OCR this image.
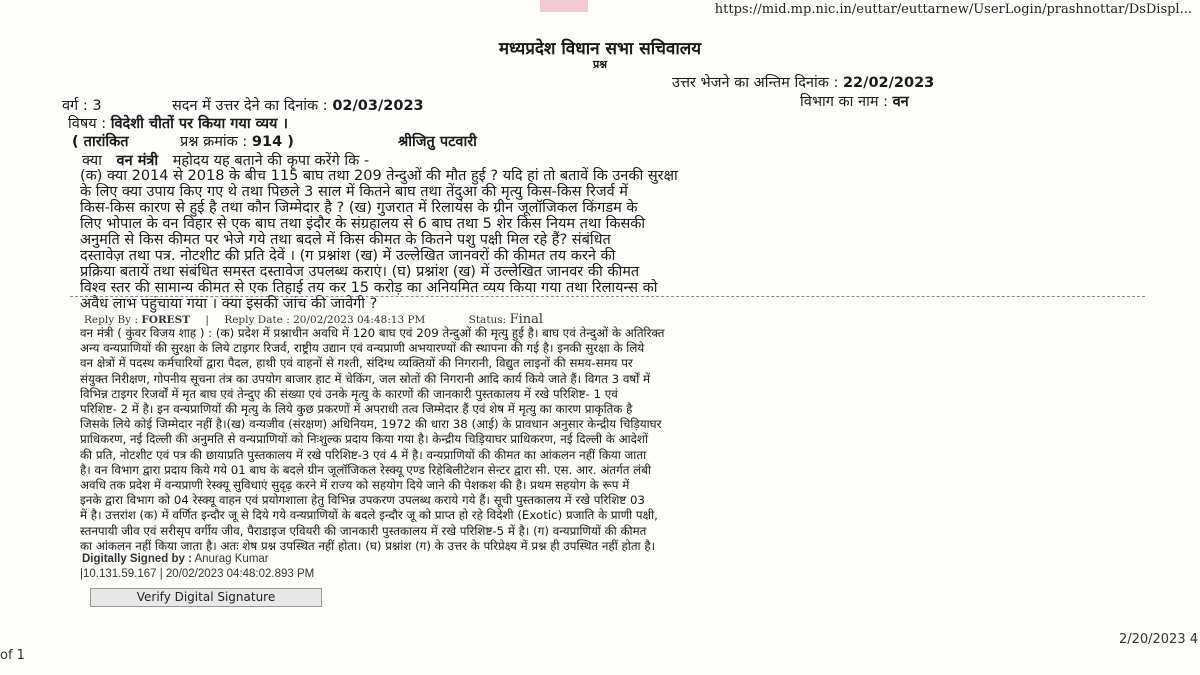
https://mid.mp.nic.in/euttar/euttarnew/UserLogin/prashnottar/DsDispl...
मध्यप्रदेश विधान सभा सचिवालय
प्रश्न
उत्तर भेजने का अन्तिम दिनांक : 22/02/2023
वर्ग : 3	सदन में उत्तर देने का दिनांक : 02/03/2023	विभाग का नाम : वन
विषय : विदेशी चीतों पर किया गया व्यय ।
( तारांकित	प्रश्न क्रमांक : 914 )	श्रीजितु पटवारी
क्या वन मंत्री महोदय यह बताने की कृपा करेंगे कि -
(क) क्या 2014 से 2018 के बीच 115 बाघ तथा 209 तेन्दुओं की मौत हुई ? यदि हां तो बतावें कि उनकी सुरक्षा
के लिए क्या उपाय किए गए थे तथा पिछले 3 साल में कितने बाघ तथा तेंदुआ की मृत्यु किस-किस रिजर्व में
किस-किस कारण से हुई है तथा कौन जिम्मेदार है ? (ख) गुजरात में रिलायंस के ग्रीन जूलॉजिकल किंगडम के
लिए भोपाल के वन विहार से एक बाघ तथा इंदौर के संग्रहालय से 6 बाघ तथा 5 शेर किस नियम तथा किसकी
अनुमति से किस कीमत पर भेजे गये तथा बदले में किस कीमत के कितने पशु पक्षी मिल रहे हैं? संबंधित
दस्तावेज़ तथा पत्र. नोटशीट की प्रति देवें । (ग प्रश्नांश (ख) में उल्लेखित जानवरों की कीमत तय करने की
प्रक्रिया बतायें तथा संबंधित समस्त दस्तावेज उपलब्ध कराएं। (घ) प्रश्नांश (ख) में उल्लेखित जानवर की कीमत
विश्व स्तर की सामान्य कीमत से एक तिहाई तय कर 15 करोड़ का अनियमित व्यय किया गया तथा रिलायन्स को
अवैध लाभ पहुंचाया गया । क्या इसकी जांच की जावेगी ?
Reply By : FOREST | Reply Date : 20/02/2023 04:48:13 PM	Status: Final
वन मंत्री ( कुंवर विजय शाह ) : (क) प्रदेश में प्रश्नाधीन अवधि में 120 बाघ एवं 209 तेन्दुओं की मृत्यु हुई है। बाघ एवं तेन्दुओं के अतिरिक्त
अन्य वन्यप्राणियों की सुरक्षा के लिये टाइगर रिजर्व, राष्ट्रीय उद्यान एवं वन्यप्राणी अभयारण्यों की स्थापना की गई है। इनकी सुरक्षा के लिये
वन क्षेत्रों में पदस्थ कर्मचारियों द्वारा पैदल, हाथी एवं वाहनों से गश्ती, संदिग्ध व्यक्तियों की निगरानी, विद्युत लाइनों की समय-समय पर
संयुक्त निरीक्षण, गोपनीय सूचना तंत्र का उपयोग बाजार हाट में चेकिंग, जल स्रोतों की निगरानी आदि कार्य किये जाते हैं। विगत 3 वर्षों में
विभिन्न टाइगर रिजर्वों में मृत बाघ एवं तेन्दुए की संख्या एवं उनके मृत्यु के कारणों की जानकारी पुस्तकालय में रखे परिशिष्ट- 1 एवं
परिशिष्ट- 2 में है। इन वन्यप्राणियों की मृत्यु के लिये कुछ प्रकरणों में अपराधी तत्व जिम्मेदार हैं एवं शेष में मृत्यु का कारण प्राकृतिक है
जिसके लिये कोई जिम्मेदार नहीं है।(ख) वन्यजीव (संरक्षण) अधिनियम, 1972 की धारा 38 (आई) के प्रावधान अनुसार केन्द्रीय चिड़ियाघर
प्राधिकरण, नई दिल्ली की अनुमति से वन्यप्राणियों को निःशुल्क प्रदाय किया गया है। केन्द्रीय चिड़ियाघर प्राधिकरण, नई दिल्ली के आदेशों
की प्रति, नोटशीट एवं पत्र की छायाप्रति पुस्तकालय में रखे परिशिष्ट-3 एवं 4 में है। वन्यप्राणियों की कीमत का आंकलन नहीं किया जाता
है। वन विभाग द्वारा प्रदाय किये गये 01 बाघ के बदले ग्रीन जूलॉजिकल रेस्क्यू एण्ड रिहेबिलीटेशन सेन्टर द्वारा सी. एस. आर. अंतर्गत लंबी
अवधि तक प्रदेश में वन्यप्राणी रेस्क्यू सुविधाएं सुदृढ़ करने में राज्य को सहयोग दिये जाने की पेशकश की है। प्रथम सहयोग के रूप में
इनके द्वारा विभाग को 04 रेस्क्यू वाहन एवं प्रयोगशाला हेतु विभिन्न उपकरण उपलब्ध कराये गये हैं। सूची पुस्तकालय में रखे परिशिष्ट 03
में है। उत्तरांश (क) में वर्णित इन्दौर जू से दिये गये वन्यप्राणियों के बदले इन्दौर जू को प्राप्त हो रहे विदेशी (Exotic) प्रजाति के प्राणी पक्षी,
स्तनपायी जीव एवं सरीसृप वर्गीय जीव, पैराडाइज एवियरी की जानकारी पुस्तकालय में रखे परिशिष्ट-5 में है। (ग) वन्यप्राणियों की कीमत
का आंकलन नहीं किया जाता है। अतः शेष प्रश्न उपस्थित नहीं होता। (घ) प्रश्नांश (ग) के उत्तर के परिप्रेक्ष्य में प्रश्न ही उपस्थित नहीं होता है।
Digitally Signed by : Anurag Kumar
|10.131.59.167 | 20/02/2023 04:48:02.893 PM
Verify Digital Signature
of 1
2/20/2023 4
